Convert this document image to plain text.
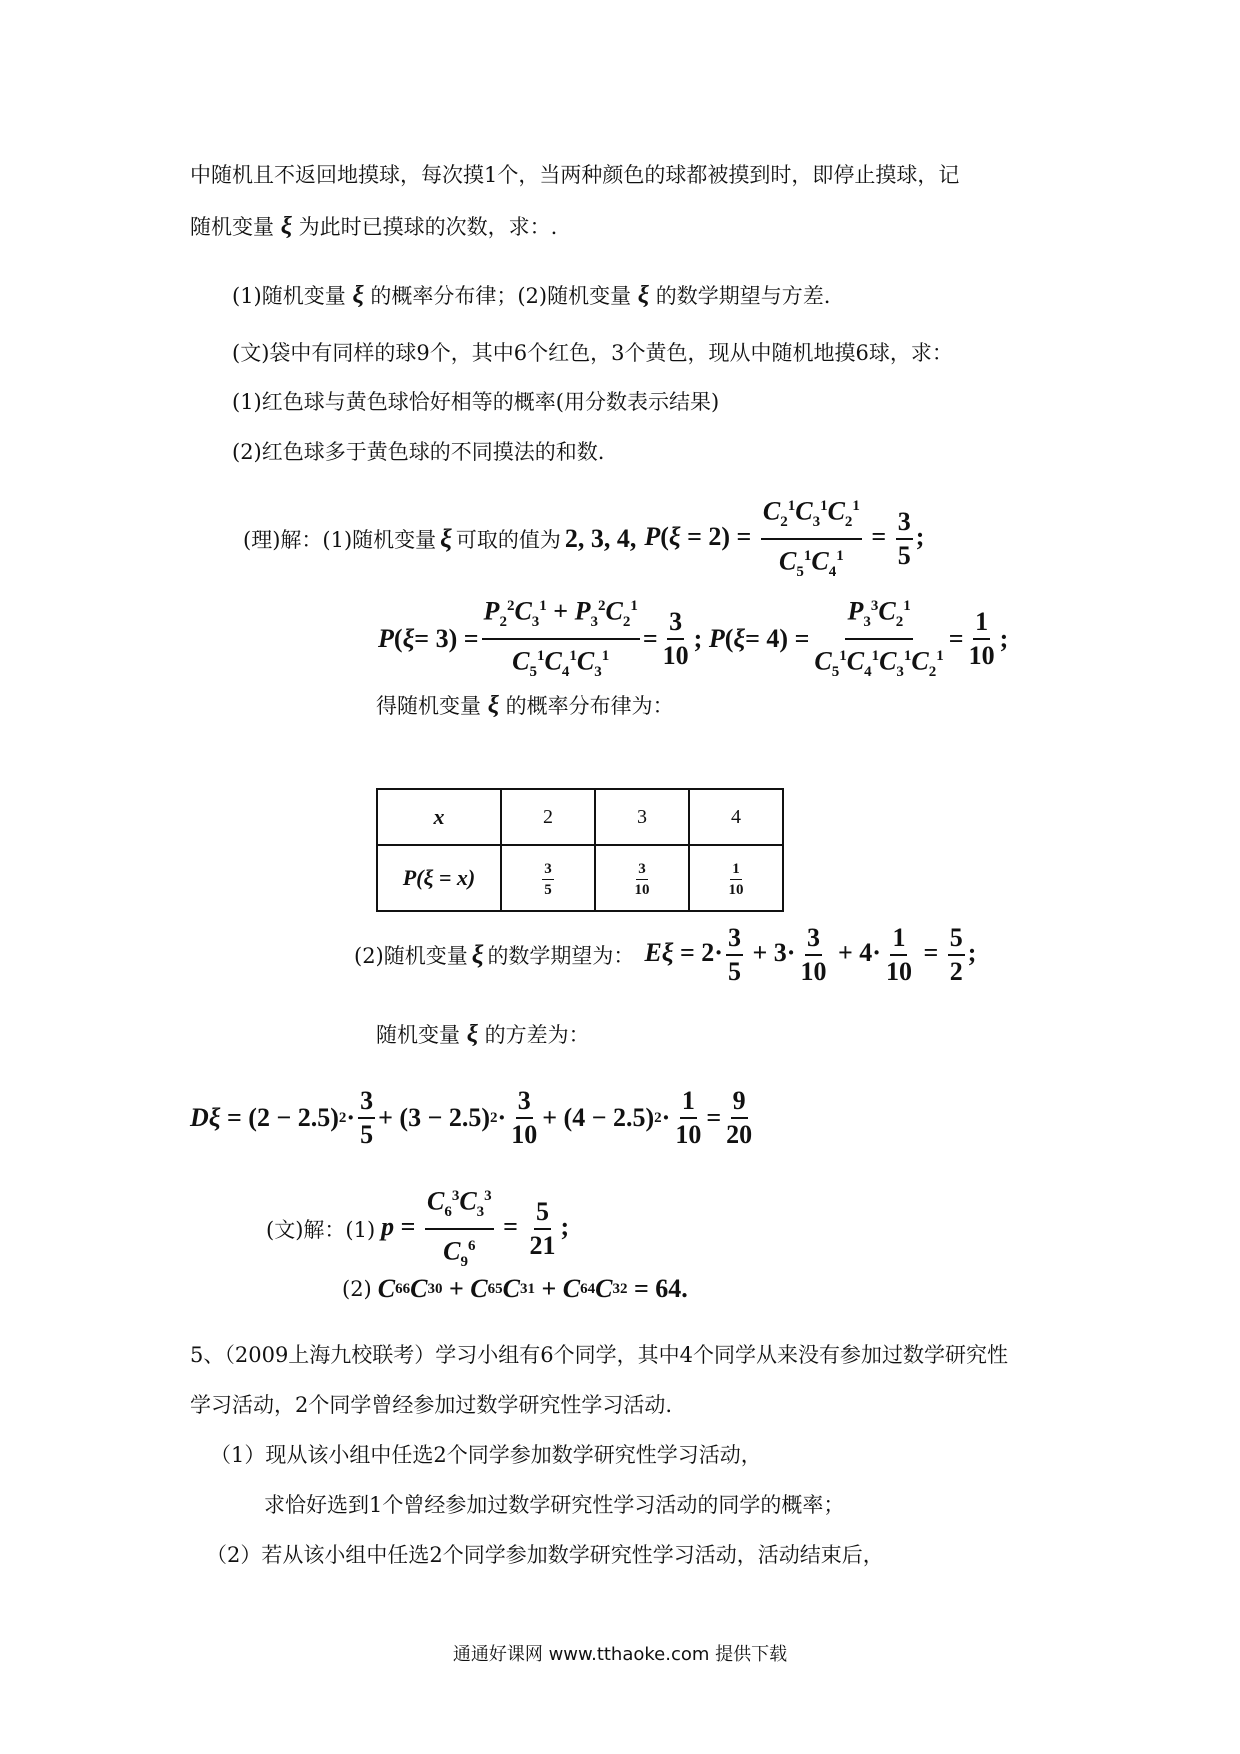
中随机且不返回地摸球，每次摸1个，当两种颜色的球都被摸到时，即停止摸球，记
随机变量 ξ 为此时已摸球的次数，求：.
(1)随机变量 ξ 的概率分布律；(2)随机变量 ξ 的数学期望与方差.
(文)袋中有同样的球9个，其中6个红色，3个黄色，现从中随机地摸6球，求：
(1)红色球与黄色球恰好相等的概率(用分数表示结果)
(2)红色球多于黄色球的不同摸法的和数.
(理)解：(1)随机变量 ξ 可取的值为 2, 3, 4, $P(\xi = 2) = \frac{C_2^1C_3^1C_2^1}{C_5^1C_4^1} = \frac{3}{5}$ ;
P ( $\xi = 3) = \frac{P_2^2C_3^1 + P_3^2C_2^1}{C_5^1C_4^1C_3^1} = \frac{3}{10}$ ; P ( $\xi = 4) = \frac{P_3^3C_2^1}{C_5^1C_4^1C_3^1C_2^1} = \frac{1}{10}$ ;
得随机变量 ξ 的概率分布律为：
x	2	3	4
P(ξ = x)	$\frac{3}{5}$	$\frac{3}{10}$	$\frac{1}{10}$
(2)随机变量 ξ 的数学期望为： $E\xi = 2\cdot \frac{3}{5} + 3\cdot \frac{3}{10} + 4\cdot \frac{1}{10} = \frac{5}{2}$ ;
随机变量 ξ 的方差为：
Dξ = (2 − 2.5) $2 \cdot \frac{3}{5} + (3 - 2.5) 2 \cdot \frac{3}{10} + (4 - 2.5) 2 \cdot \frac{1}{10} = \frac{9}{20}$
(文)解：(1) $p = \frac{C_6^3C_3^3}{C_9^6} = \frac{5}{21}$ ;
(2) C 6 6 C 3 0 + C 6 5 C 3 1 + C 6 4 C 3 2 = 64.
5、（2009上海九校联考）学习小组有6个同学，其中4个同学从来没有参加过数学研究性
学习活动，2个同学曾经参加过数学研究性学习活动.
（1）现从该小组中任选2个同学参加数学研究性学习活动，
求恰好选到1个曾经参加过数学研究性学习活动的同学的概率；
（2）若从该小组中任选2个同学参加数学研究性学习活动，活动结束后，
通通好课网 www.tthaoke.com 提供下载
